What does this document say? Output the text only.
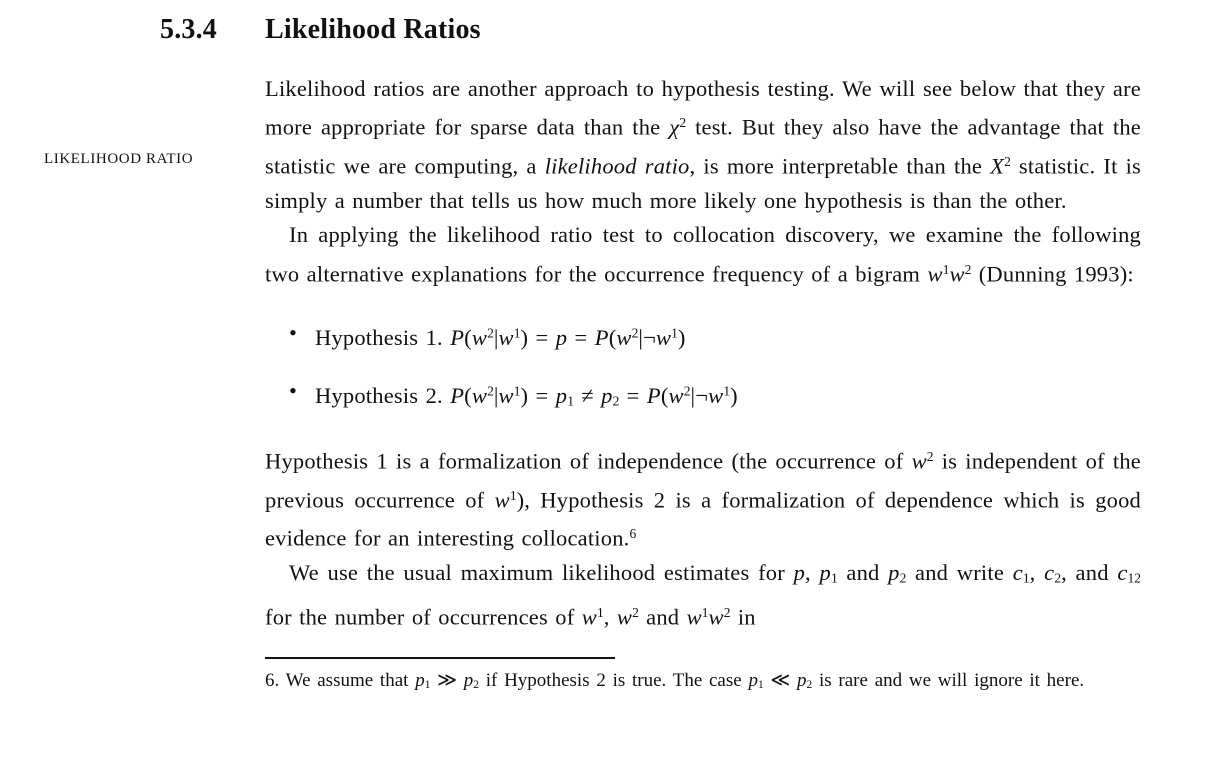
5.3.4 Likelihood Ratios
LIKELIHOOD RATIO

Likelihood ratios are another approach to hypothesis testing. We will see below that they are more appropriate for sparse data than the $\chi^2$ test. But they also have the advantage that the statistic we are computing, a likelihood ratio, is more interpretable than the $X^2$ statistic. It is simply a number that tells us how much more likely one hypothesis is than the other.

In applying the likelihood ratio test to collocation discovery, we examine the following two alternative explanations for the occurrence frequency of a bigram $w^1w^2$ (Dunning 1993):

• Hypothesis 1. $P(w^2|w^1) = p$ = $P(w^2|\neg w^1)$
• Hypothesis 2. $P(w^2|w^1) = p1 \ne p2$ = $P(w^2|\neg w^1)$

Hypothesis 1 is a formalization of independence (the occurrence of $w^2$ is independent of the previous occurrence of $w^1$), Hypothesis 2 is a formalization of dependence which is good evidence for an interesting collocation.$^6$

We use the usual maximum likelihood estimates for p, p1 and p2 and write c1, c2, and c12 for the number of occurrences of $w^1$, $w^2$ and $w^1w^2$ in

6. We assume that p1 ≫ p2 if Hypothesis 2 is true. The case p1 ≪ p2 is rare and we will ignore it here.
